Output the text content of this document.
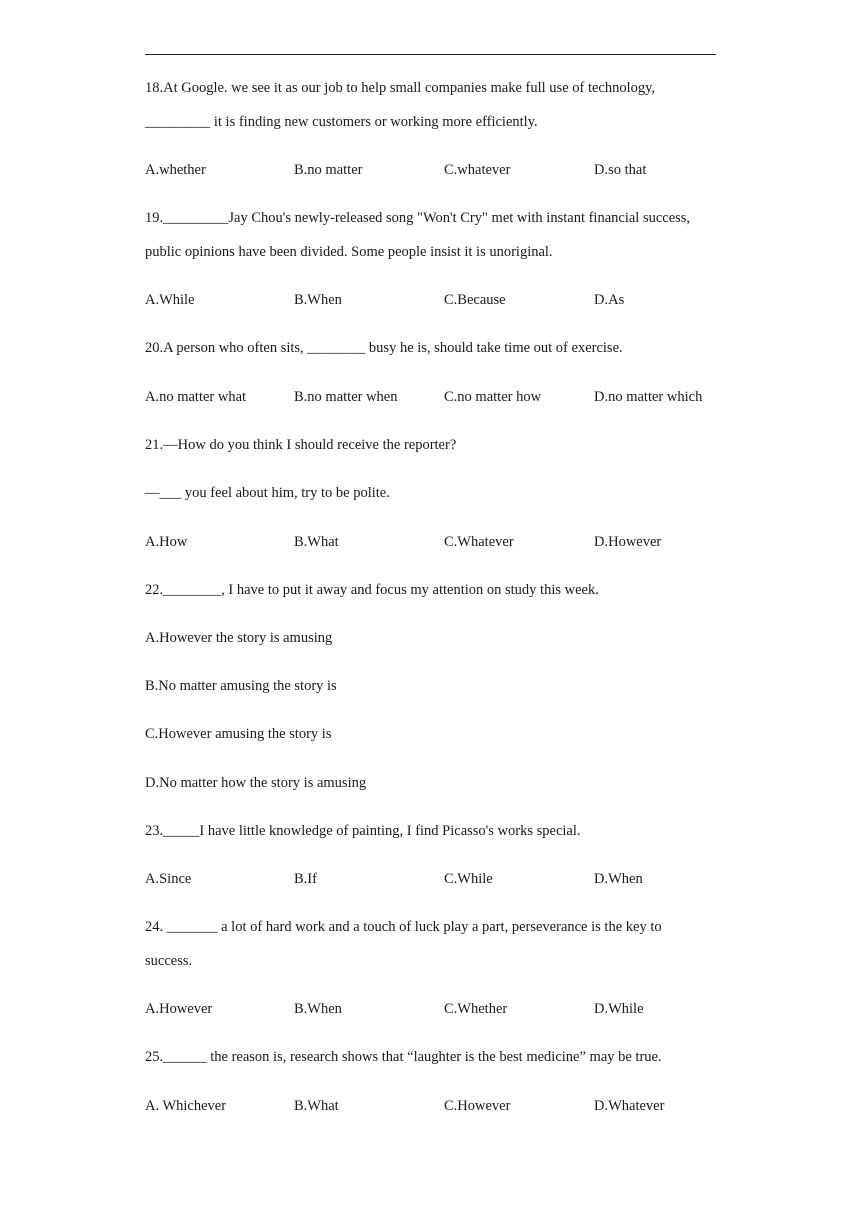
18.At Google. we see it as our job to help small companies make full use of technology,
_________ it is finding new customers or working more efficiently.
A.whether	B.no matter	C.whatever	D.so that
19._________Jay Chou's newly-released song "Won't Cry" met with instant financial success,
public opinions have been divided. Some people insist it is unoriginal.
A.While	B.When	C.Because	D.As
20.A person who often sits, ________ busy he is, should take time out of exercise.
A.no matter what	B.no matter when	C.no matter how	D.no matter which
21.—How do you think I should receive the reporter?
—___ you feel about him, try to be polite.
A.How	B.What	C.Whatever	D.However
22.________, I have to put it away and focus my attention on study this week.
A.However the story is amusing
B.No matter amusing the story is
C.However amusing the story is
D.No matter how the story is amusing
23._____I have little knowledge of painting, I find Picasso's works special.
A.Since	B.If	C.While	D.When
24. _______ a lot of hard work and a touch of luck play a part, perseverance is the key to
success.
A.However	B.When	C.Whether	D.While
25.______ the reason is, research shows that “laughter is the best medicine” may be true.
A. Whichever	B.What	C.However	D.Whatever
